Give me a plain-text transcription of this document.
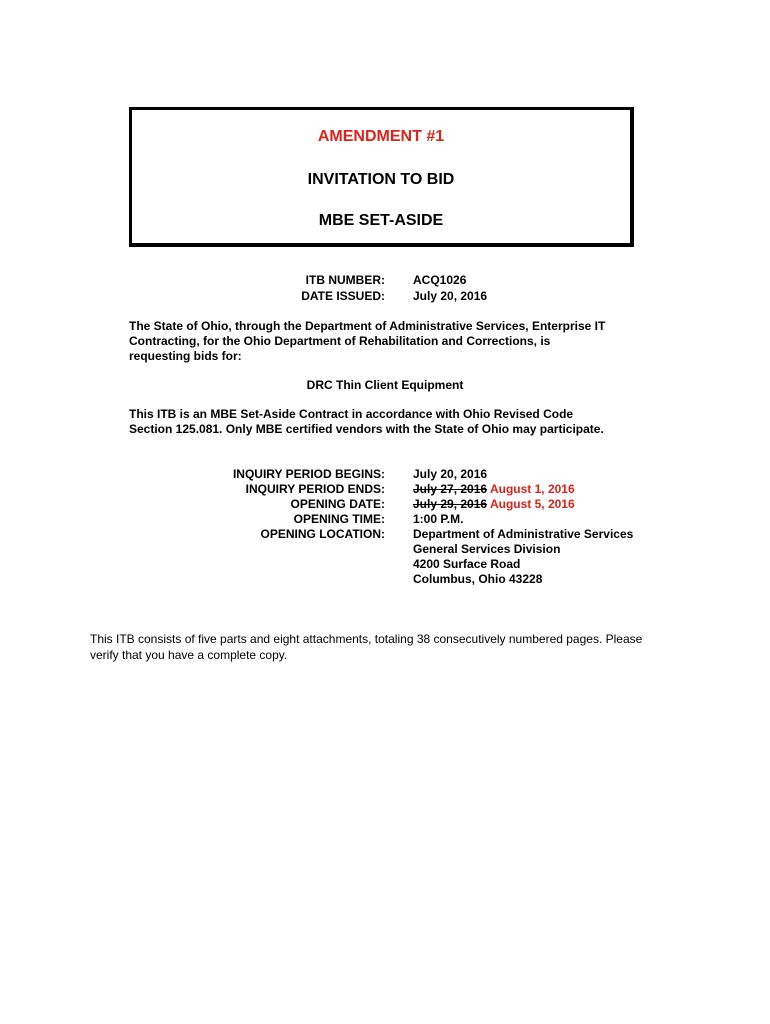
AMENDMENT #1
INVITATION TO BID
MBE SET-ASIDE
ITB NUMBER: ACQ1026
DATE ISSUED: July 20, 2016
The State of Ohio, through the Department of Administrative Services, Enterprise IT
Contracting, for the Ohio Department of Rehabilitation and Corrections, is
requesting bids for:
DRC Thin Client Equipment
This ITB is an MBE Set-Aside Contract in accordance with Ohio Revised Code
Section 125.081. Only MBE certified vendors with the State of Ohio may participate.
INQUIRY PERIOD BEGINS: July 20, 2016
INQUIRY PERIOD ENDS: July 27, 2016 August 1, 2016
OPENING DATE: July 29, 2016 August 5, 2016
OPENING TIME: 1:00 P.M.
OPENING LOCATION: Department of Administrative Services
General Services Division
4200 Surface Road
Columbus, Ohio 43228
This ITB consists of five parts and eight attachments, totaling 38 consecutively numbered pages. Please
verify that you have a complete copy.
